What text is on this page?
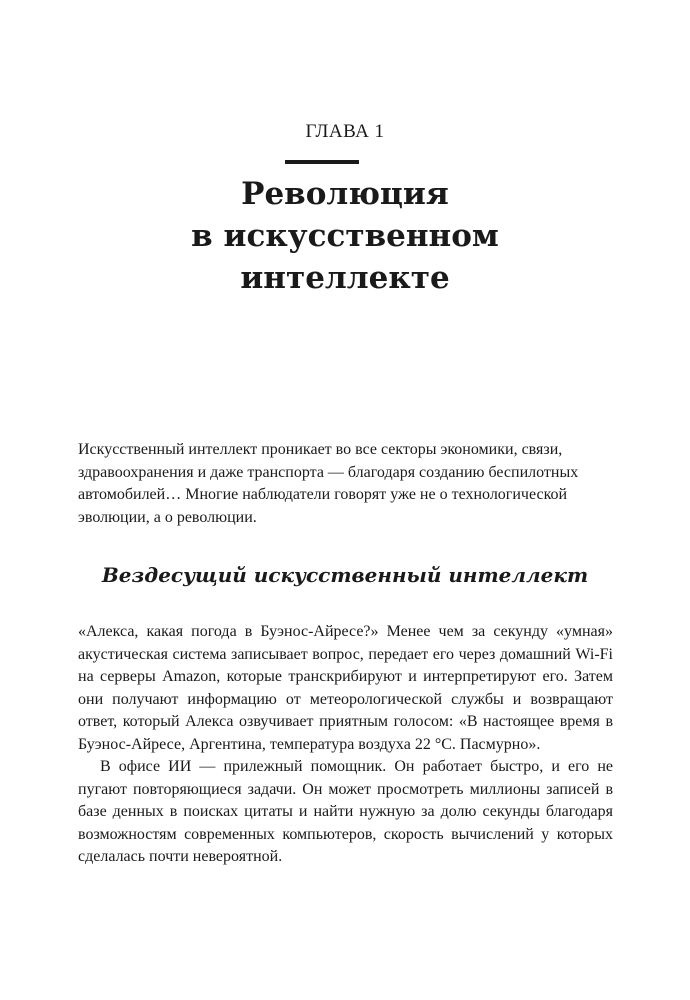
ГЛАВА 1
Революция
в искусственном
интеллекте

Искусственный интеллект проникает во все секторы экономики, связи, здравоохранения и даже транспорта — благодаря созданию беспилотных автомобилей… Многие наблюдатели говорят уже не о технологической эволюции, а о революции.

Вездесущий искусственный интеллект

«Алекса, какая погода в Буэнос-Айресе?» Менее чем за секунду «умная» акустическая система записывает вопрос, передает его через домашний Wi-Fi на серверы Amazon, которые транскрибируют и интерпретируют его. Затем они получают информацию от метеорологической службы и возвращают ответ, который Алекса озвучивает приятным голосом: «В настоящее время в Буэнос-Айресе, Аргентина, температура воздуха 22 °С. Пасмурно».

В офисе ИИ — прилежный помощник. Он работает быстро, и его не пугают повторяющиеся задачи. Он может просмотреть миллионы записей в базе денных в поисках цитаты и найти нужную за долю секунды благодаря возможностям современных компьютеров, скорость вычислений у которых сделалась почти невероятной.
